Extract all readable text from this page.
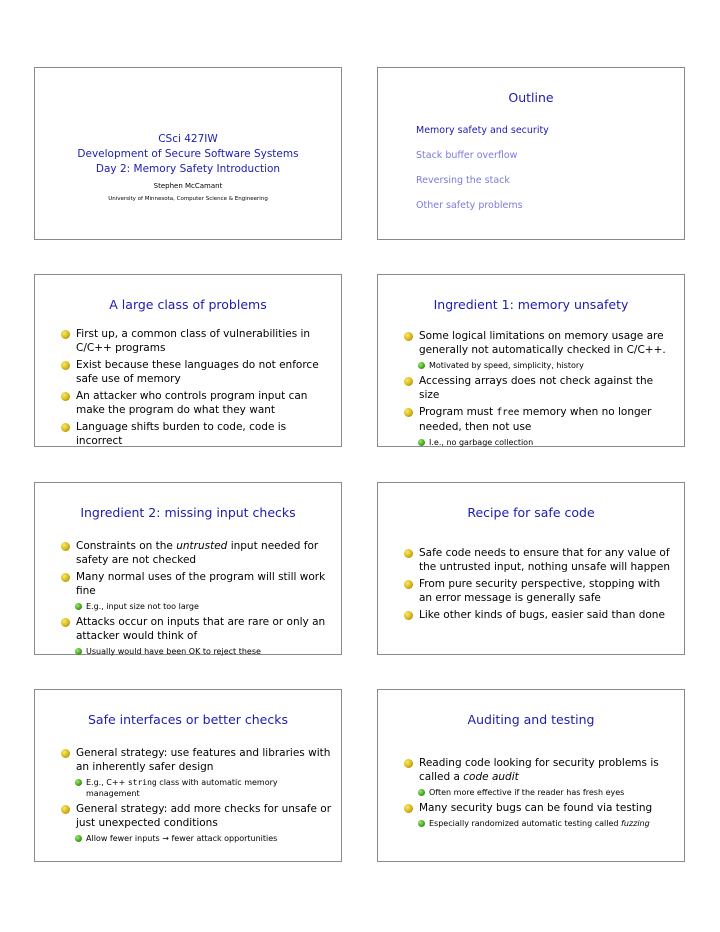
CSci 427IW
Development of Secure Software Systems
Day 2: Memory Safety Introduction
Stephen McCamant
University of Minnesota, Computer Science & Engineering
Outline
Memory safety and security
Stack buffer overflow
Reversing the stack
Other safety problems
A large class of problems
First up, a common class of vulnerabilities in C/C++ programs
Exist because these languages do not enforce safe use of memory
An attacker who controls program input can make the program do what they want
Language shifts burden to code, code is incorrect
Ingredient 1: memory unsafety
Some logical limitations on memory usage are generally not automatically checked in C/C++.
Motivated by speed, simplicity, history
Accessing arrays does not check against the size
Program must free memory when no longer needed, then not use
I.e., no garbage collection
Ingredient 2: missing input checks
Constraints on the untrusted input needed for safety are not checked
Many normal uses of the program will still work fine
E.g., input size not too large
Attacks occur on inputs that are rare or only an attacker would think of
Usually would have been OK to reject these
Recipe for safe code
Safe code needs to ensure that for any value of the untrusted input, nothing unsafe will happen
From pure security perspective, stopping with an error message is generally safe
Like other kinds of bugs, easier said than done
Safe interfaces or better checks
General strategy: use features and libraries with an inherently safer design
E.g., C++ string class with automatic memory management
General strategy: add more checks for unsafe or just unexpected conditions
Allow fewer inputs → fewer attack opportunities
Auditing and testing
Reading code looking for security problems is called a code audit
Often more effective if the reader has fresh eyes
Many security bugs can be found via testing
Especially randomized automatic testing called fuzzing
